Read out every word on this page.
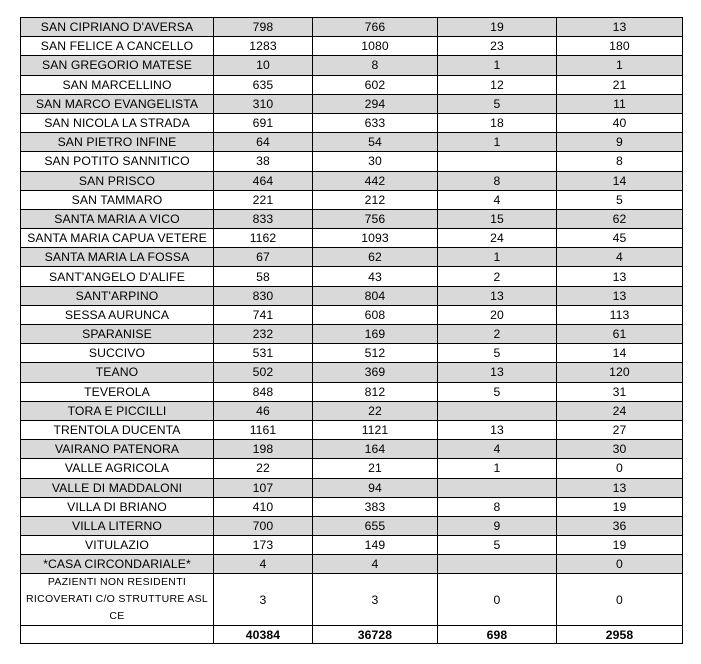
SAN CIPRIANO D'AVERSA	798	766	19	13
SAN FELICE A CANCELLO	1283	1080	23	180
SAN GREGORIO MATESE	10	8	1	1
SAN MARCELLINO	635	602	12	21
SAN MARCO EVANGELISTA	310	294	5	11
SAN NICOLA LA STRADA	691	633	18	40
SAN PIETRO INFINE	64	54	1	9
SAN POTITO SANNITICO	38	30		8
SAN PRISCO	464	442	8	14
SAN TAMMARO	221	212	4	5
SANTA MARIA A VICO	833	756	15	62
SANTA MARIA CAPUA VETERE	1162	1093	24	45
SANTA MARIA LA FOSSA	67	62	1	4
SANT'ANGELO D'ALIFE	58	43	2	13
SANT'ARPINO	830	804	13	13
SESSA AURUNCA	741	608	20	113
SPARANISE	232	169	2	61
SUCCIVO	531	512	5	14
TEANO	502	369	13	120
TEVEROLA	848	812	5	31
TORA E PICCILLI	46	22		24
TRENTOLA DUCENTA	1161	1121	13	27
VAIRANO PATENORA	198	164	4	30
VALLE AGRICOLA	22	21	1	0
VALLE DI MADDALONI	107	94		13
VILLA DI BRIANO	410	383	8	19
VILLA LITERNO	700	655	9	36
VITULAZIO	173	149	5	19
*CASA CIRCONDARIALE*	4	4		0
PAZIENTI NON RESIDENTI RICOVERATI C/O STRUTTURE ASL CE	3	3	0	0
	40384	36728	698	2958
